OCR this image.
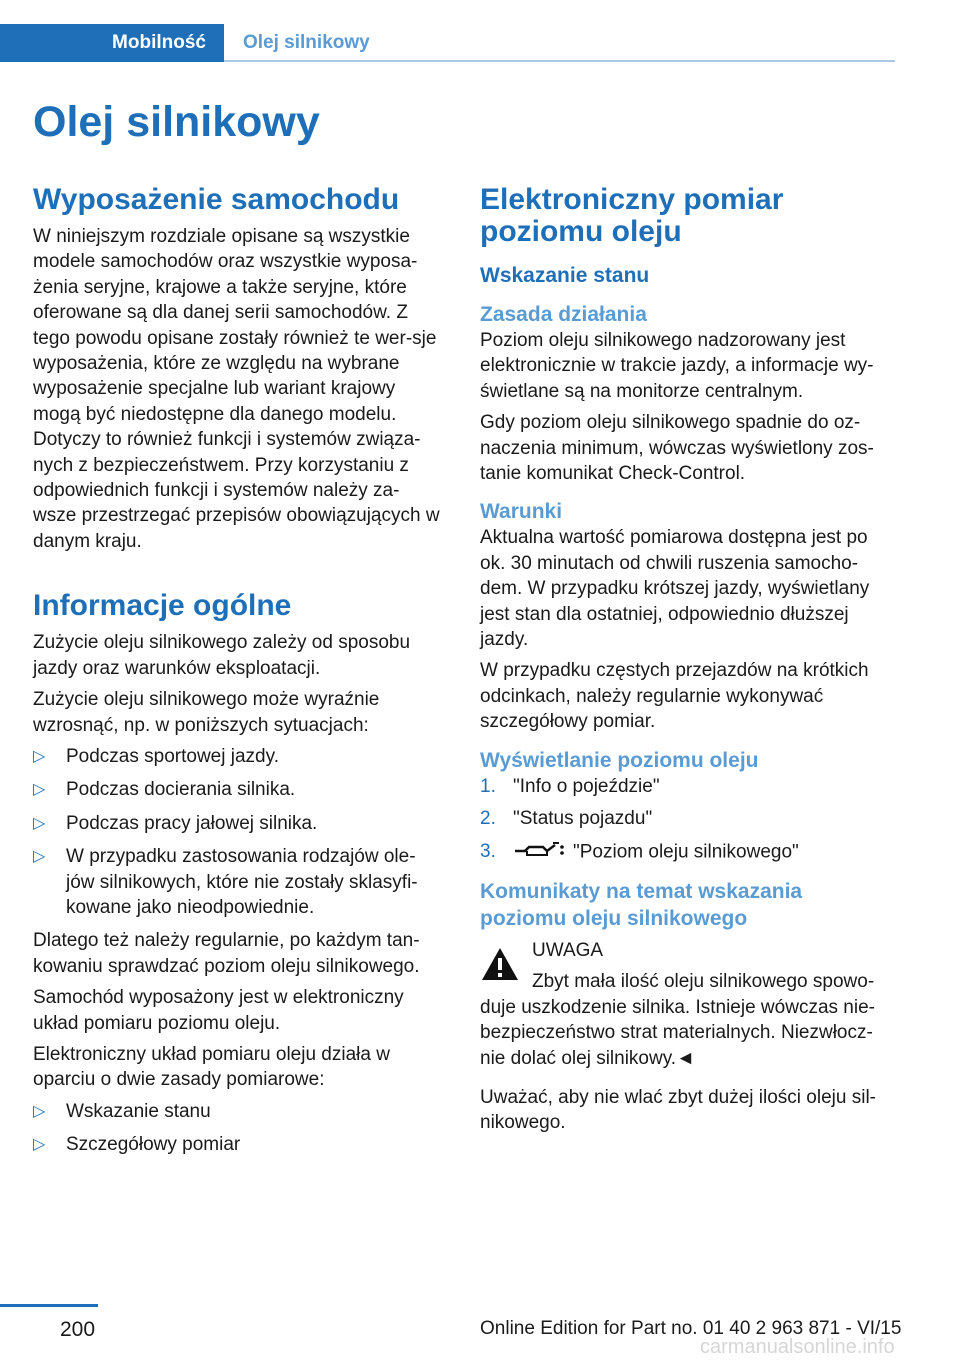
Mobilność Olej silnikowy
Olej silnikowy
Wyposażenie samochodu

W niniejszym rozdziale opisane są wszystkie modele samochodów oraz wszystkie wyposa‐żenia seryjne, krajowe a także seryjne, które oferowane są dla danej serii samochodów. Z tego powodu opisane zostały również te wer‐sje wyposażenia, które ze względu na wybrane wyposażenie specjalne lub wariant krajowy mogą być niedostępne dla danego modelu. Dotyczy to również funkcji i systemów związa‐nych z bezpieczeństwem. Przy korzystaniu z odpowiednich funkcji i systemów należy za‐wsze przestrzegać przepisów obowiązujących w danym kraju.

Informacje ogólne

Zużycie oleju silnikowego zależy od sposobu jazdy oraz warunków eksploatacji.

Zużycie oleju silnikowego może wyraźnie wzrosnąć, np. w poniższych sytuacjach:

▷ Podczas sportowej jazdy.
▷ Podczas docierania silnika.
▷ Podczas pracy jałowej silnika.
▷ W przypadku zastosowania rodzajów ole‐jów silnikowych, które nie zostały sklasyfi‐kowane jako nieodpowiednie.

Dlatego też należy regularnie, po każdym tan‐kowaniu sprawdzać poziom oleju silnikowego.

Samochód wyposażony jest w elektroniczny układ pomiaru poziomu oleju.

Elektroniczny układ pomiaru oleju działa w oparciu o dwie zasady pomiarowe:

▷ Wskazanie stanu
▷ Szczegółowy pomiar
Elektroniczny pomiar poziomu oleju
Wskazanie stanu
Zasada działania

Poziom oleju silnikowego nadzorowany jest elektronicznie w trakcie jazdy, a informacje wy‐świetlane są na monitorze centralnym.

Gdy poziom oleju silnikowego spadnie do oz‐naczenia minimum, wówczas wyświetlony zos‐tanie komunikat Check-Control.

Warunki

Aktualna wartość pomiarowa dostępna jest po ok. 30 minutach od chwili ruszenia samocho‐dem. W przypadku krótszej jazdy, wyświetlany jest stan dla ostatniej, odpowiednio dłuższej jazdy.

W przypadku częstych przejazdów na krótkich odcinkach, należy regularnie wykonywać szczegółowy pomiar.

Wyświetlanie poziomu oleju
1. "Info o pojeździe"
2. "Status pojazdu"
3.	"Poziom oleju silnikowego"
Komunikaty na temat wskazania poziomu oleju silnikowego

UWAGA

Zbyt mała ilość oleju silnikowego spowo‐
duje uszkodzenie silnika. Istnieje wówczas nie‐bezpieczeństwo strat materialnych. Niezwłocz‐nie dolać olej silnikowy.◄

Uważać, aby nie wlać zbyt dużej ilości oleju sil‐nikowego.

200	Online Edition for Part no. 01 40 2 963 871 - VI/15
carmanualsonline.info
